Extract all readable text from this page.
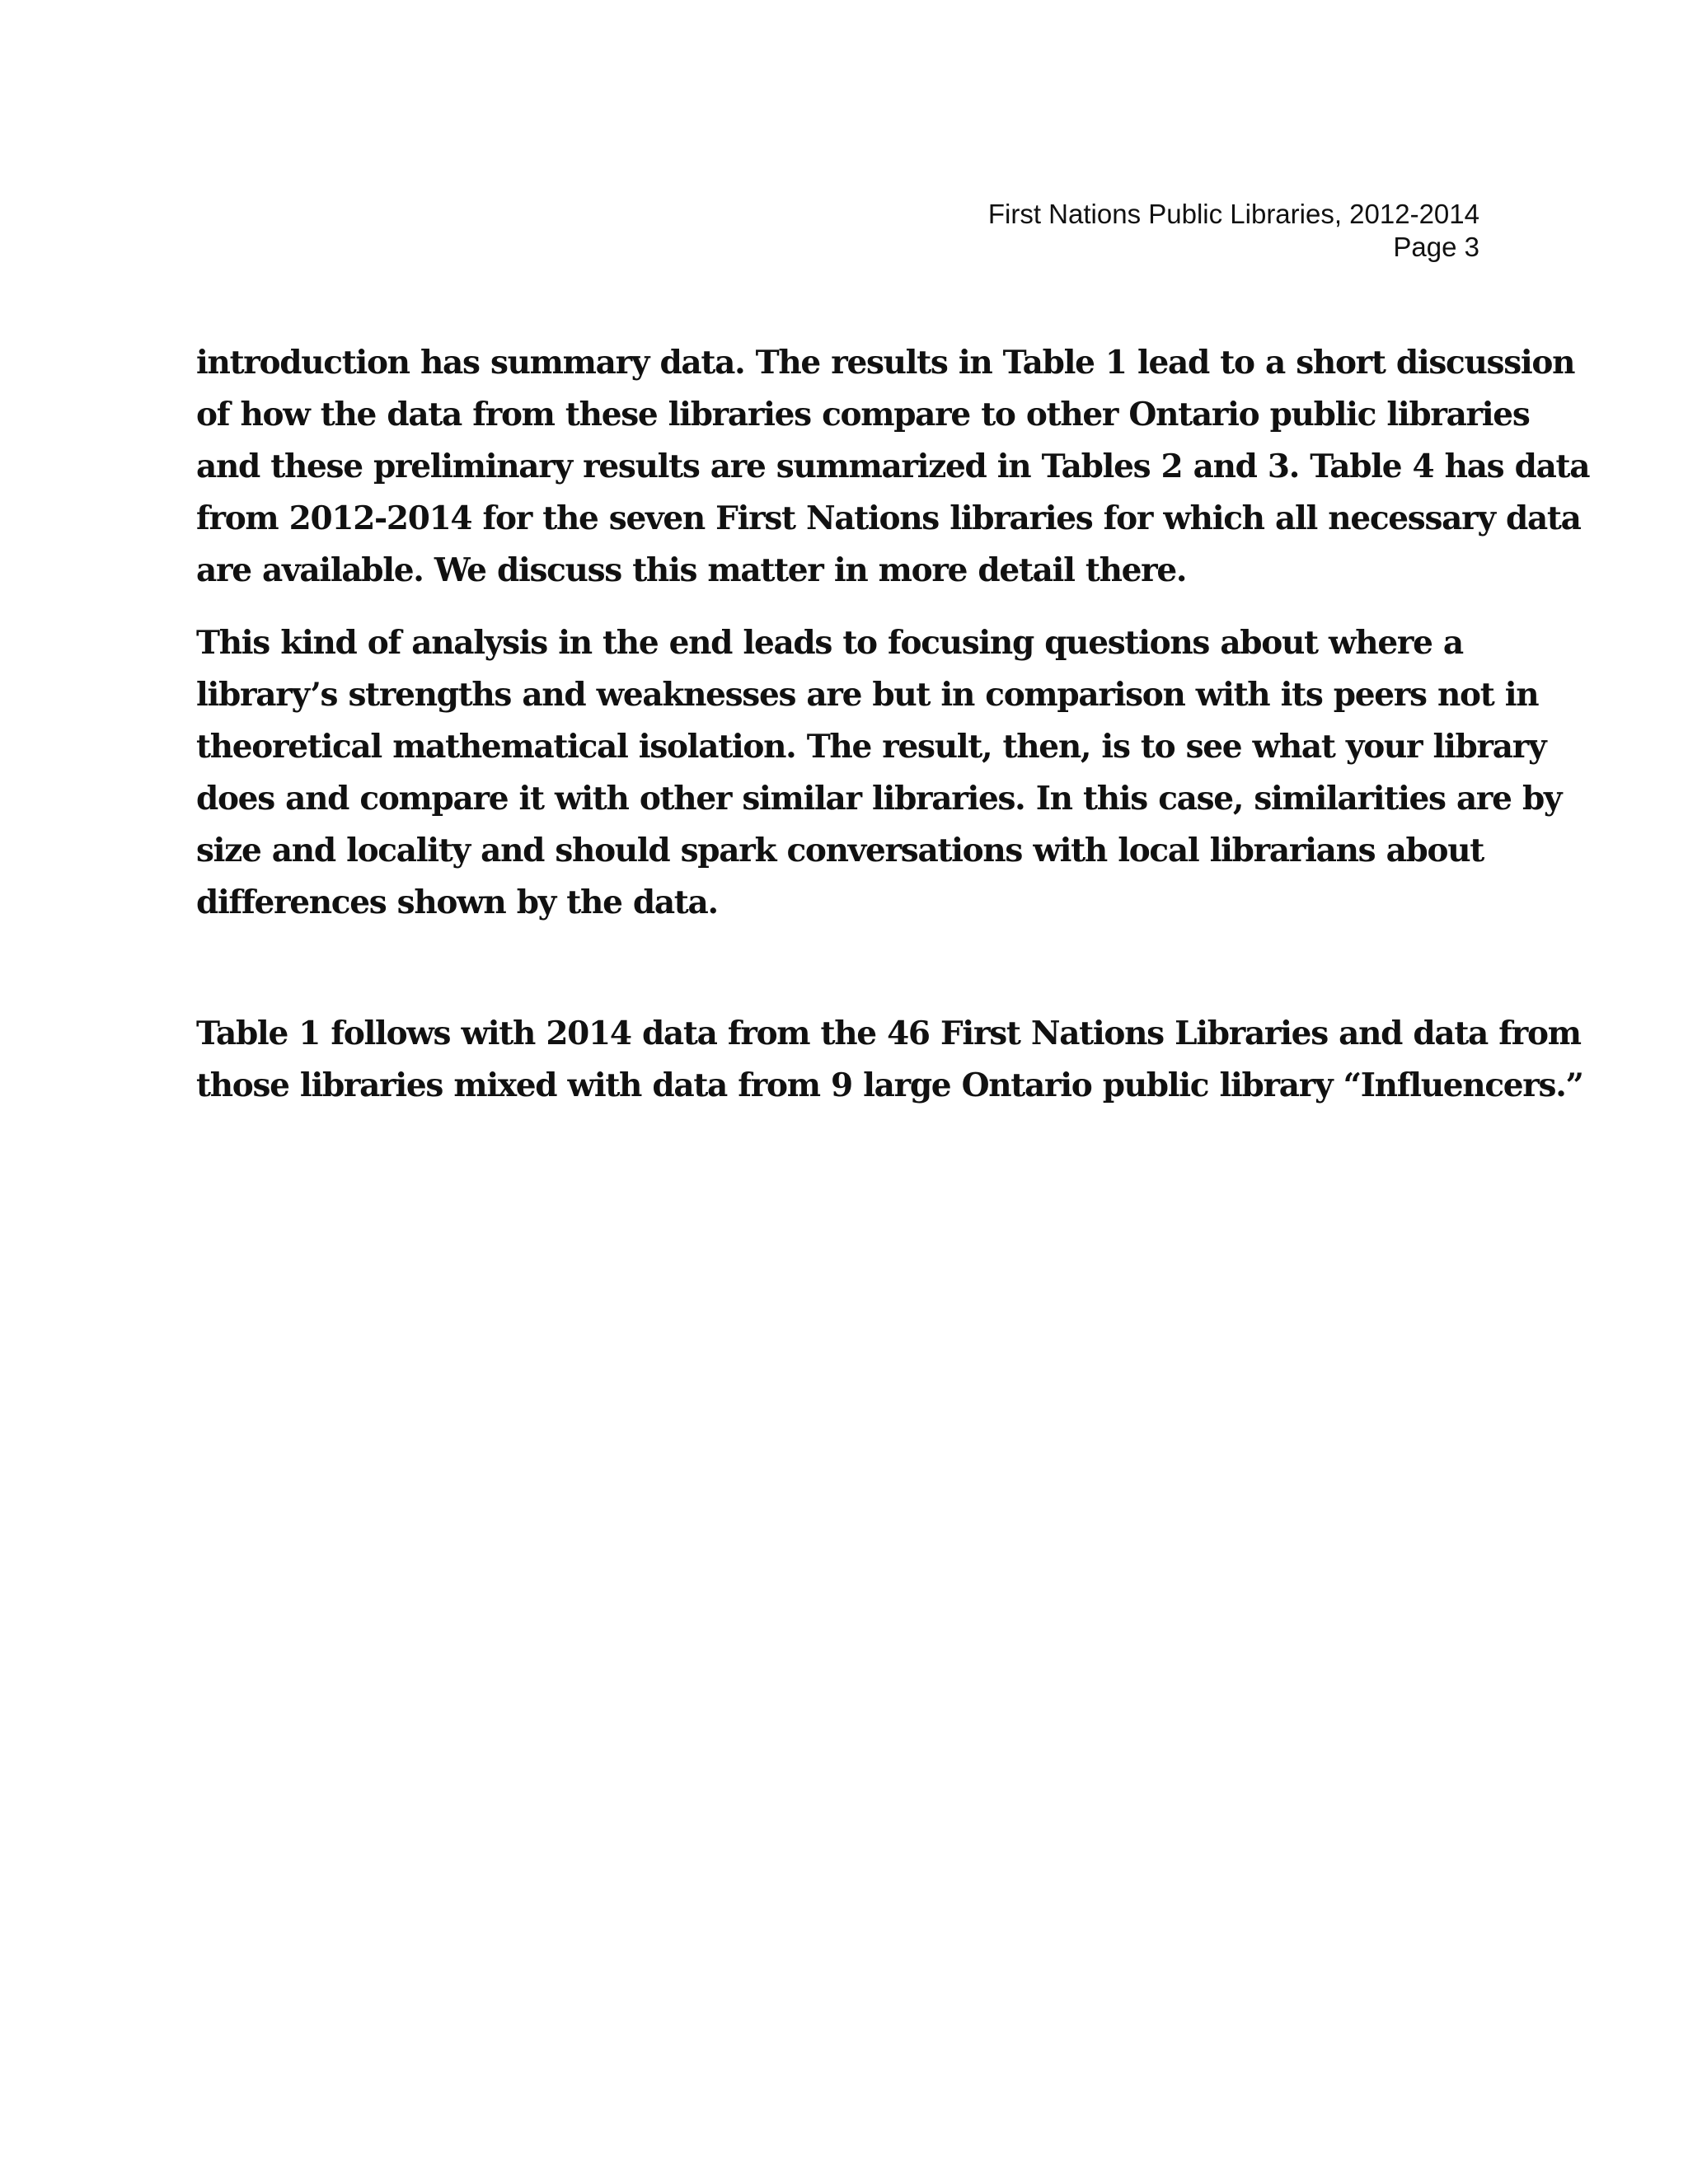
First Nations Public Libraries, 2012-2014
Page 3

introduction has summary data. The results in Table 1 lead to a short discussion
of how the data from these libraries compare to other Ontario public libraries
and these preliminary results are summarized in Tables 2 and 3. Table 4 has data
from 2012-2014 for the seven First Nations libraries for which all necessary data
are available. We discuss this matter in more detail there.

This kind of analysis in the end leads to focusing questions about where a
library’s strengths and weaknesses are but in comparison with its peers not in
theoretical mathematical isolation. The result, then, is to see what your library
does and compare it with other similar libraries. In this case, similarities are by
size and locality and should spark conversations with local librarians about
differences shown by the data.

Table 1 follows with 2014 data from the 46 First Nations Libraries and data from
those libraries mixed with data from 9 large Ontario public library “Influencers.”
